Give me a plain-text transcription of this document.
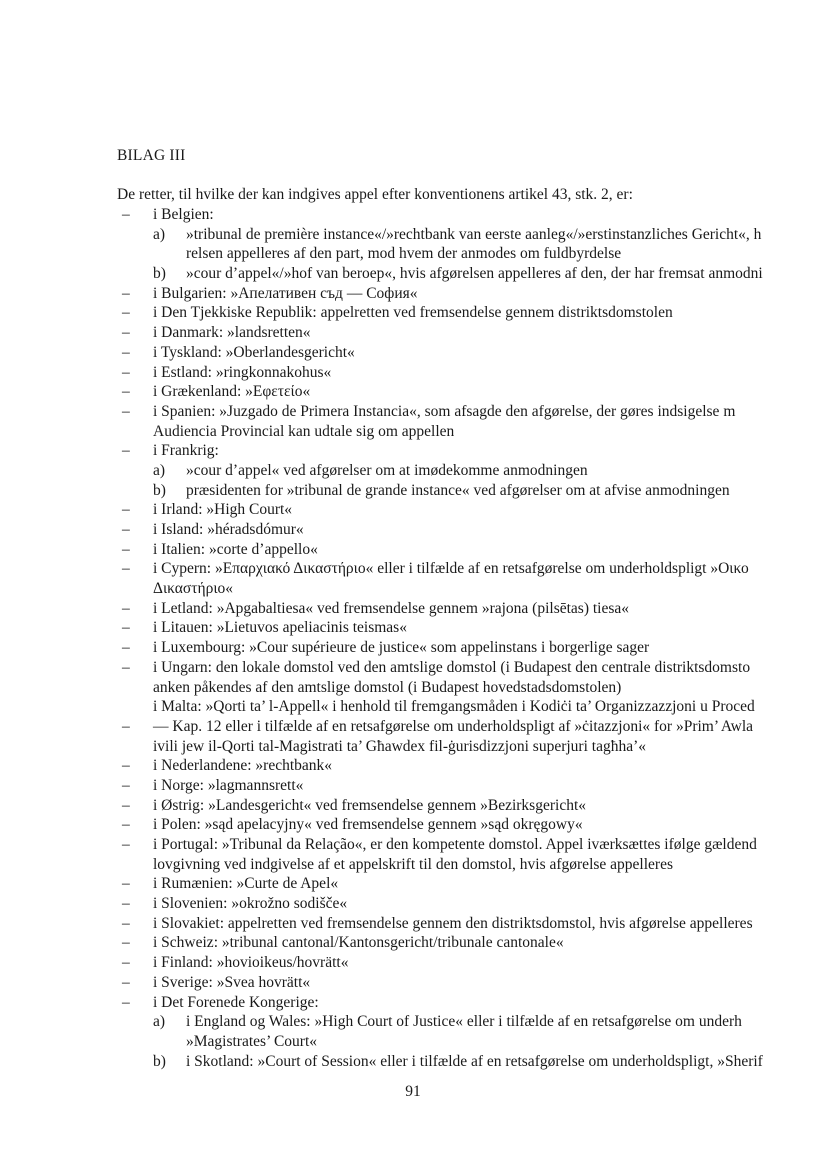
BILAG III
De retter, til hvilke der kan indgives appel efter konventionens artikel 43, stk. 2, er:
– i Belgien:
a) »tribunal de première instance«/»rechtbank van eerste aanleg«/»erstinstanzliches Gericht«, h
relsen appelleres af den part, mod hvem der anmodes om fuldbyrdelse
b) »cour d’appel«/»hof van beroep«, hvis afgørelsen appelleres af den, der har fremsat anmodni
– i Bulgarien: »Апелативен съд — София«
– i Den Tjekkiske Republik: appelretten ved fremsendelse gennem distriktsdomstolen
– i Danmark: »landsretten«
– i Tyskland: »Oberlandesgericht«
– i Estland: »ringkonnakohus«
– i Grækenland: »Εφετείο«
– i Spanien: »Juzgado de Primera Instancia«, som afsagde den afgørelse, der gøres indsigelse m
Audiencia Provincial kan udtale sig om appellen
– i Frankrig:
a) »cour d’appel« ved afgørelser om at imødekomme anmodningen
b) præsidenten for »tribunal de grande instance« ved afgørelser om at afvise anmodningen
– i Irland: »High Court«
– i Island: »héradsdómur«
– i Italien: »corte d’appello«
– i Cypern: »Επαρχιακό Δικαστήριο« eller i tilfælde af en retsafgørelse om underholdspligt »Οικο
Δικαστήριο«
– i Letland: »Apgabaltiesa« ved fremsendelse gennem »rajona (pilsētas) tiesa«
– i Litauen: »Lietuvos apeliacinis teismas«
– i Luxembourg: »Cour supérieure de justice« som appelinstans i borgerlige sager
– i Ungarn: den lokale domstol ved den amtslige domstol (i Budapest den centrale distriktsdomsto
anken påkendes af den amtslige domstol (i Budapest hovedstadsdomstolen)
i Malta: »Qorti ta’ l-Appell« i henhold til fremgangsmåden i Kodiċi ta’ Organizzazzjoni u Proced
– — Kap. 12 eller i tilfælde af en retsafgørelse om underholdspligt af »ċitazzjoni« for »Prim’ Awla
ivili jew il-Qorti tal-Magistrati ta’ Għawdex fil-ġurisdizzjoni superjuri tagħha’«
– i Nederlandene: »rechtbank«
– i Norge: »lagmannsrett«
– i Østrig: »Landesgericht« ved fremsendelse gennem »Bezirksgericht«
– i Polen: »sąd apelacyjny« ved fremsendelse gennem »sąd okręgowy«
– i Portugal: »Tribunal da Relação«, er den kompetente domstol. Appel iværksættes ifølge gældend
lovgivning ved indgivelse af et appelskrift til den domstol, hvis afgørelse appelleres
– i Rumænien: »Curte de Apel«
– i Slovenien: »okrožno sodišče«
– i Slovakiet: appelretten ved fremsendelse gennem den distriktsdomstol, hvis afgørelse appelleres
– i Schweiz: »tribunal cantonal/Kantonsgericht/tribunale cantonale«
– i Finland: »hovioikeus/hovrätt«
– i Sverige: »Svea hovrätt«
– i Det Forenede Kongerige:
a) i England og Wales: »High Court of Justice« eller i tilfælde af en retsafgørelse om underh
»Magistrates’ Court«
b) i Skotland: »Court of Session« eller i tilfælde af en retsafgørelse om underholdspligt, »Sherif
91
